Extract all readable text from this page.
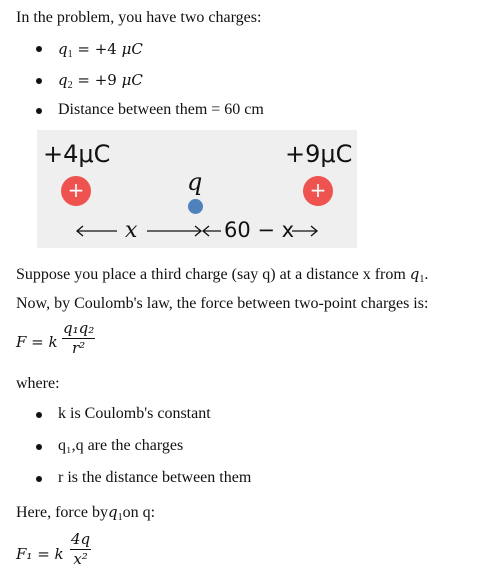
In the problem, you have two charges:
$q_1 = +4$ μC
$q_2 = +9$ μC
Distance between them = 60 cm
+4μC	+9μC
+	+
q
x	60 − x
Suppose you place a third charge (say q) at a distance x from $q_1$.
Now, by Coulomb's law, the force between two-point charges is:
F = k
q₁q₂
r²
where:
k is Coulomb's constant
q₁,q are the charges
r is the distance between them
Here, force byq$_1$on q:
F₁ = k
4q
x²
